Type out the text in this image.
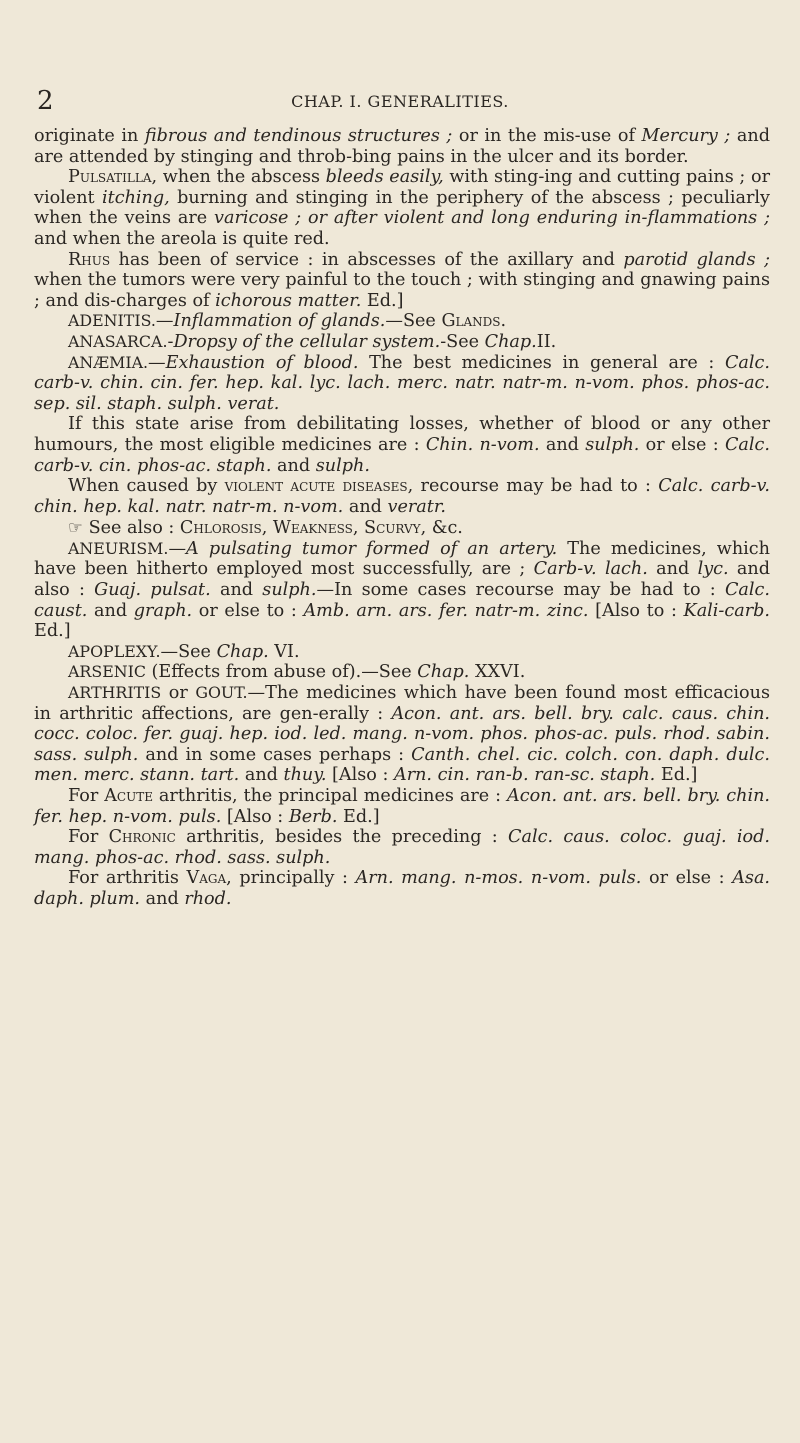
2	CHAP. I. GENERALITIES.

originate in fibrous and tendinous structures ; or in the mis-use of Mercury ; and are attended by stinging and throb-bing pains in the ulcer and its border.

Pulsatilla, when the abscess bleeds easily, with sting-ing and cutting pains ; or violent itching, burning and stinging in the periphery of the abscess ; peculiarly when the veins are varicose ; or after violent and long enduring in-flammations ; and when the areola is quite red.

Rhus has been of service : in abscesses of the axillary and parotid glands ; when the tumors were very painful to the touch ; with stinging and gnawing pains ; and dis-charges of ichorous matter. Ed.]

ADENITIS.—Inflammation of glands.—See Glands.

ANASARCA.-Dropsy of the cellular system.-See Chap.II.

ANÆMIA.—Exhaustion of blood. The best medicines in general are : Calc. carb-v. chin. cin. fer. hep. kal. lyc. lach. merc. natr. natr-m. n-vom. phos. phos-ac. sep. sil. staph. sulph. verat.

If this state arise from debilitating losses, whether of blood or any other humours, the most eligible medicines are : Chin. n-vom. and sulph. or else : Calc. carb-v. cin. phos-ac. staph. and sulph.

When caused by violent acute diseases, recourse may be had to : Calc. carb-v. chin. hep. kal. natr. natr-m. n-vom. and veratr.

☞ See also : Chlorosis, Weakness, Scurvy, &c.

ANEURISM.—A pulsating tumor formed of an artery. The medicines, which have been hitherto employed most successfully, are ; Carb-v. lach. and lyc. and also : Guaj. pulsat. and sulph.—In some cases recourse may be had to : Calc. caust. and graph. or else to : Amb. arn. ars. fer. natr-m. zinc. [Also to : Kali-carb. Ed.]

APOPLEXY.—See Chap. VI.

ARSENIC (Effects from abuse of).—See Chap. XXVI.

ARTHRITIS or GOUT.—The medicines which have been found most efficacious in arthritic affections, are gen-erally : Acon. ant. ars. bell. bry. calc. caus. chin. cocc. coloc. fer. guaj. hep. iod. led. mang. n-vom. phos. phos-ac. puls. rhod. sabin. sass. sulph. and in some cases perhaps : Canth. chel. cic. colch. con. daph. dulc. men. merc. stann. tart. and thuy. [Also : Arn. cin. ran-b. ran-sc. staph. Ed.]

For Acute arthritis, the principal medicines are : Acon. ant. ars. bell. bry. chin. fer. hep. n-vom. puls. [Also : Berb. Ed.]

For Chronic arthritis, besides the preceding : Calc. caus. coloc. guaj. iod. mang. phos-ac. rhod. sass. sulph.

For arthritis Vaga, principally : Arn. mang. n-mos. n-vom. puls. or else : Asa. daph. plum. and rhod.
